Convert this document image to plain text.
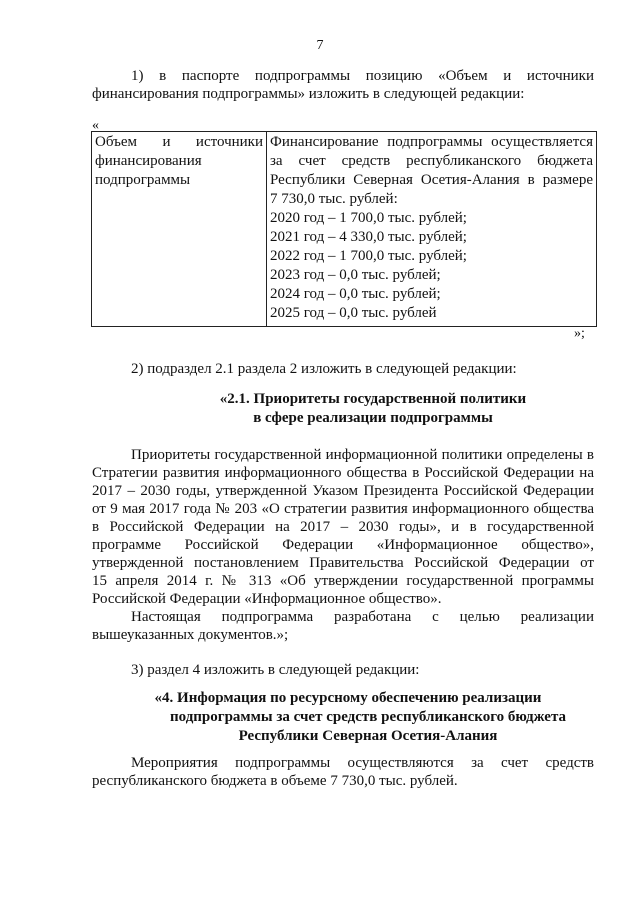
7
1) в паспорте подпрограммы позицию «Объем и источники
финансирования подпрограммы» изложить в следующей редакции:
«
Объем и источники
финансирования
подпрограммы

Финансирование подпрограммы осуществляется
за счет средств республиканского бюджета
Республики Северная Осетия-Алания в размере
7 730,0 тыс. рублей:
2020 год – 1 700,0 тыс. рублей;
2021 год – 4 330,0 тыс. рублей;
2022 год – 1 700,0 тыс. рублей;
2023 год – 0,0 тыс. рублей;
2024 год – 0,0 тыс. рублей;
2025 год – 0,0 тыс. рублей
»;
2) подраздел 2.1 раздела 2 изложить в следующей редакции:
«2.1. Приоритеты государственной политики
в сфере реализации подпрограммы
Приоритеты государственной информационной политики определены в
Стратегии развития информационного общества в Российской Федерации на
2017 – 2030 годы, утвержденной Указом Президента Российской Федерации
от 9 мая 2017 года № 203 «О стратегии развития информационного общества
в Российской Федерации на 2017 – 2030 годы», и в государственной
программе Российской Федерации «Информационное общество»,
утвержденной постановлением Правительства Российской Федерации от
15 апреля 2014 г. № 313 «Об утверждении государственной программы
Российской Федерации «Информационное общество».
Настоящая подпрограмма разработана с целью реализации
вышеуказанных документов.»;
3) раздел 4 изложить в следующей редакции:
«4. Информация по ресурсному обеспечению реализации
подпрограммы за счет средств республиканского бюджета
Республики Северная Осетия-Алания
Мероприятия подпрограммы осуществляются за счет средств
республиканского бюджета в объеме 7 730,0 тыс. рублей.
